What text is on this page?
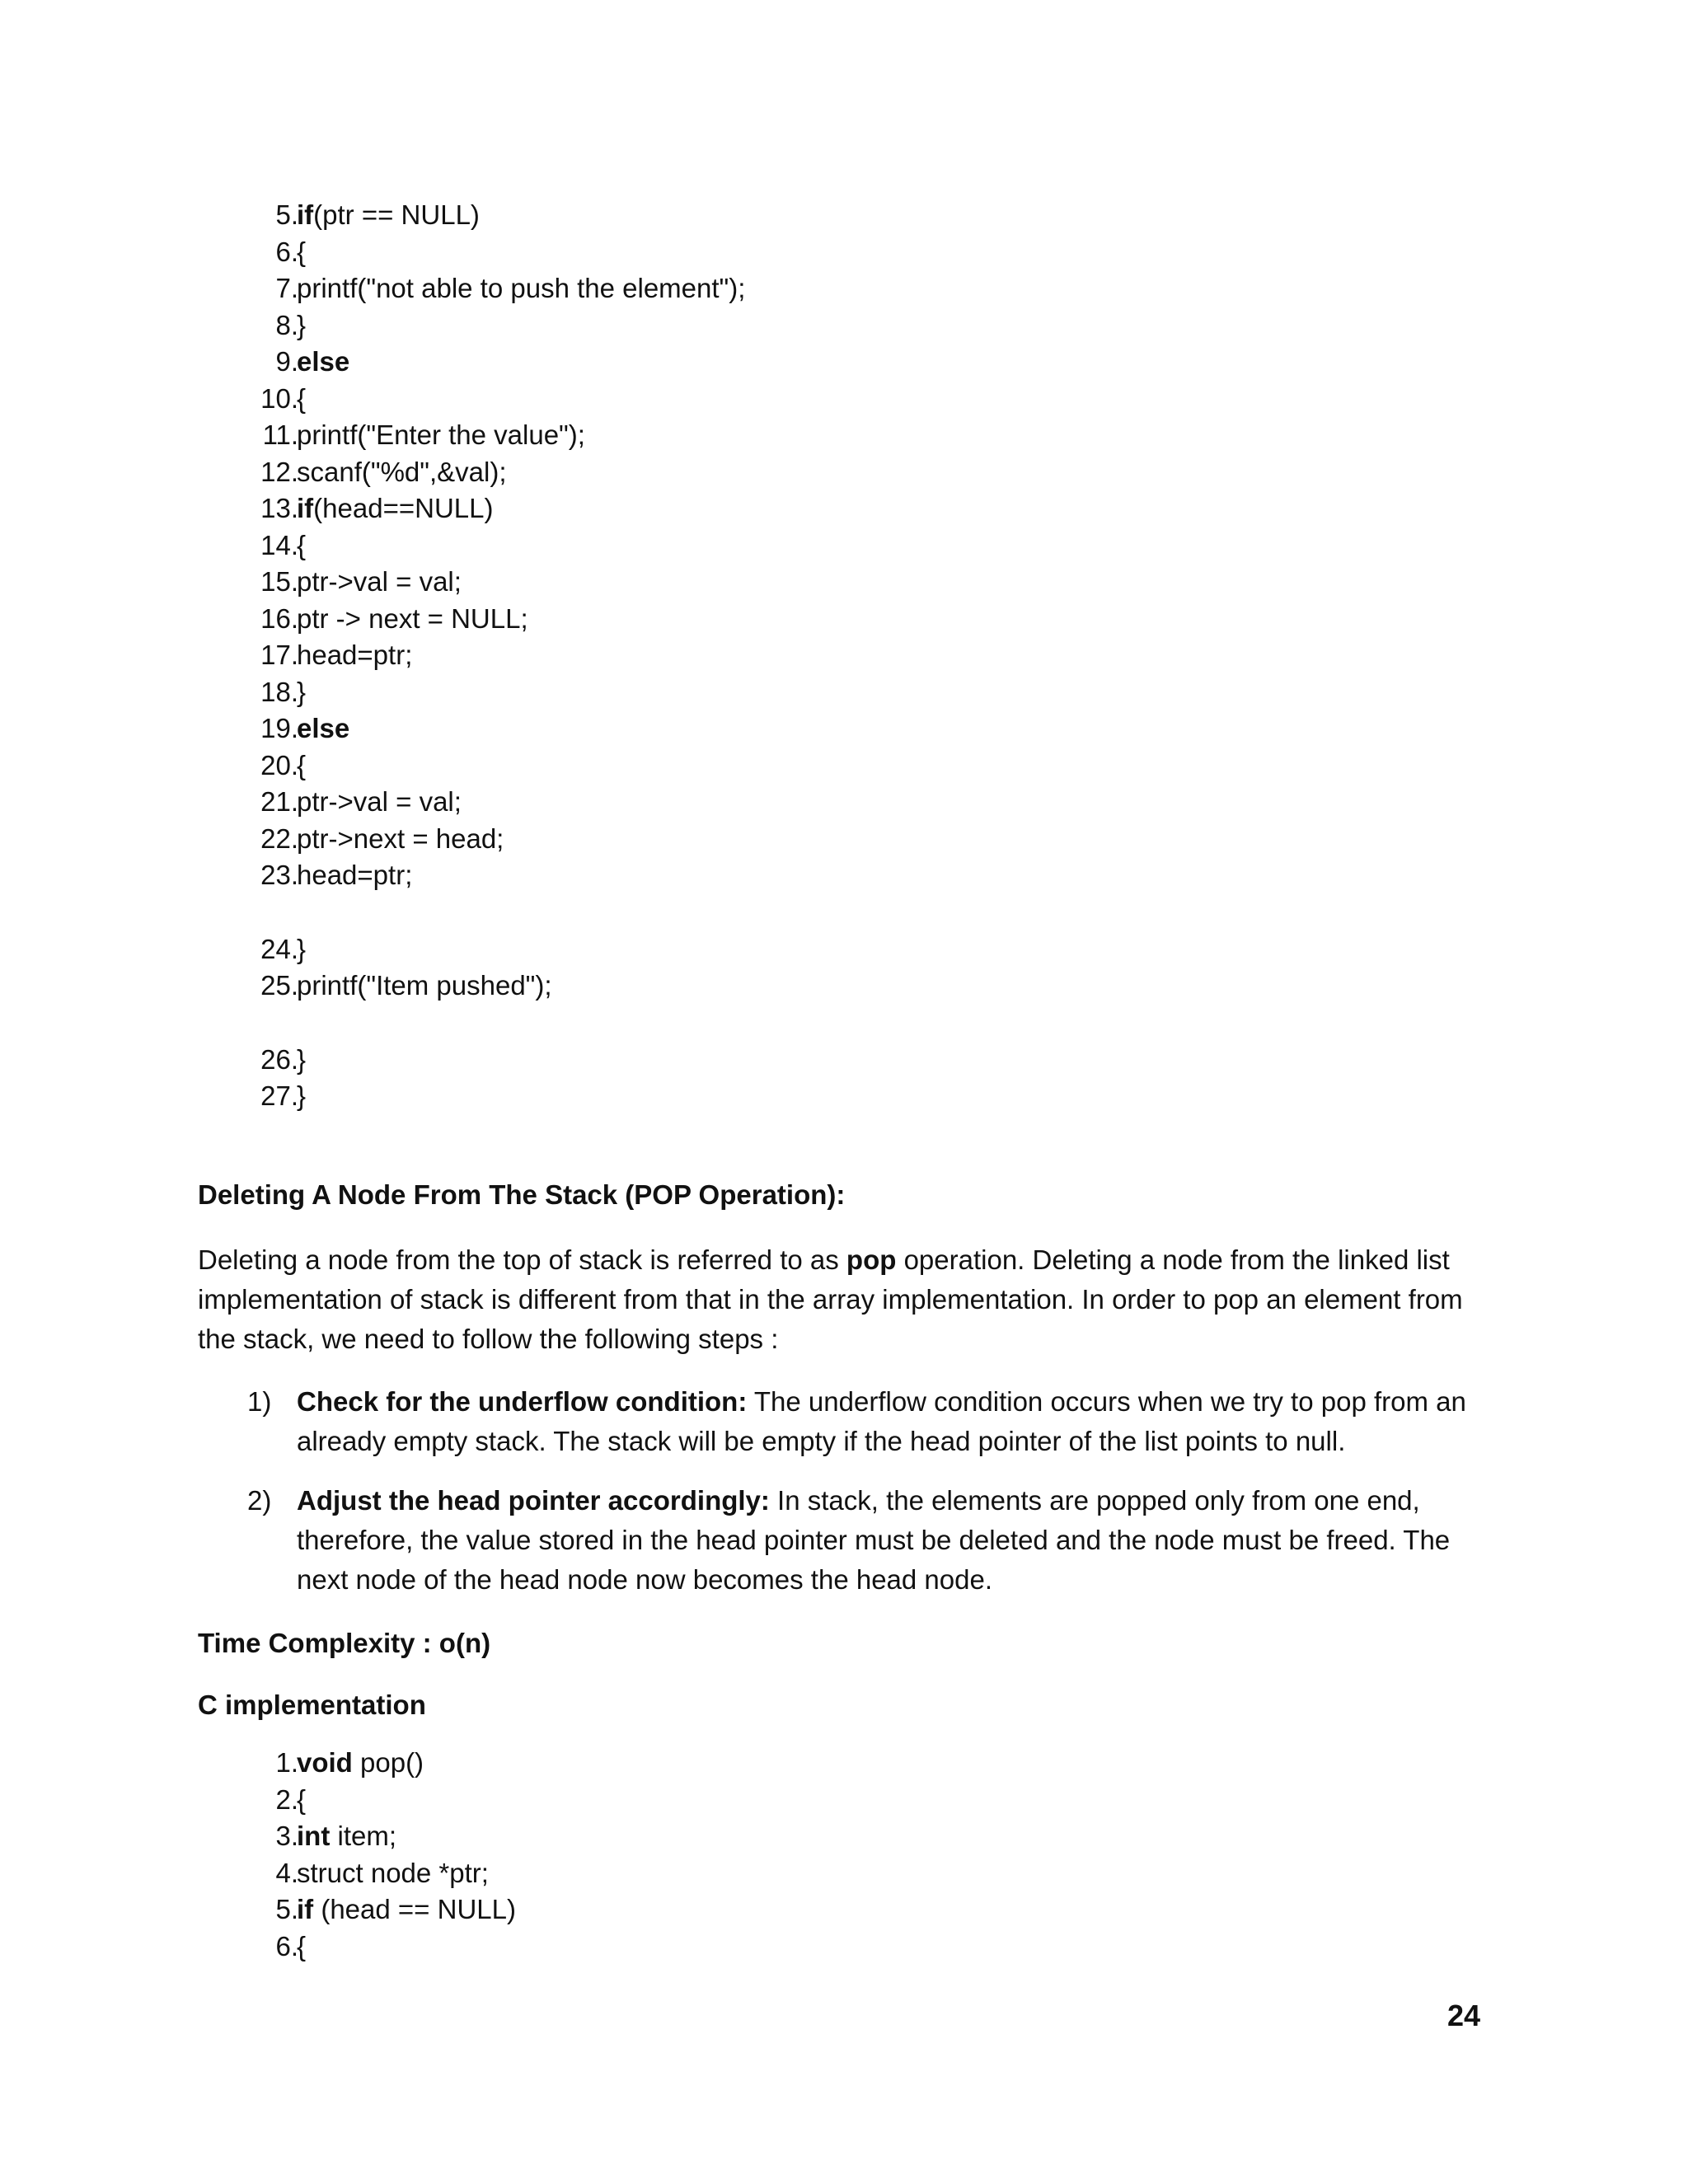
5.
if(ptr == NULL)
6.
{
7.
printf("not able to push the element");
8.
}
9.
else
10.
{
11.
printf("Enter the value");
12.
scanf("%d",&val);
13.
if(head==NULL)
14.
{
15.
ptr->val = val;
16.
ptr -> next = NULL;
17.
head=ptr;
18.
}
19.
else
20.
{
21.
ptr->val = val;
22.
ptr->next = head;
23.
head=ptr;
24.
}
25.
printf("Item pushed");
26.
}
27.
}
Deleting A Node From The Stack (POP Operation):
Deleting a node from the top of stack is referred to as pop operation. Deleting a node from the linked list implementation of stack is different from that in the array implementation. In order to pop an element from the stack, we need to follow the following steps :
1) Check for the underflow condition: The underflow condition occurs when we try to pop from an already empty stack. The stack will be empty if the head pointer of the list points to null.
2) Adjust the head pointer accordingly: In stack, the elements are popped only from one end, therefore, the value stored in the head pointer must be deleted and the node must be freed. The next node of the head node now becomes the head node.
Time Complexity : o(n)
C implementation
1.
void pop()
2.
{
3.
int item;
4.
struct node *ptr;
5.
if (head == NULL)
6.
{
24
